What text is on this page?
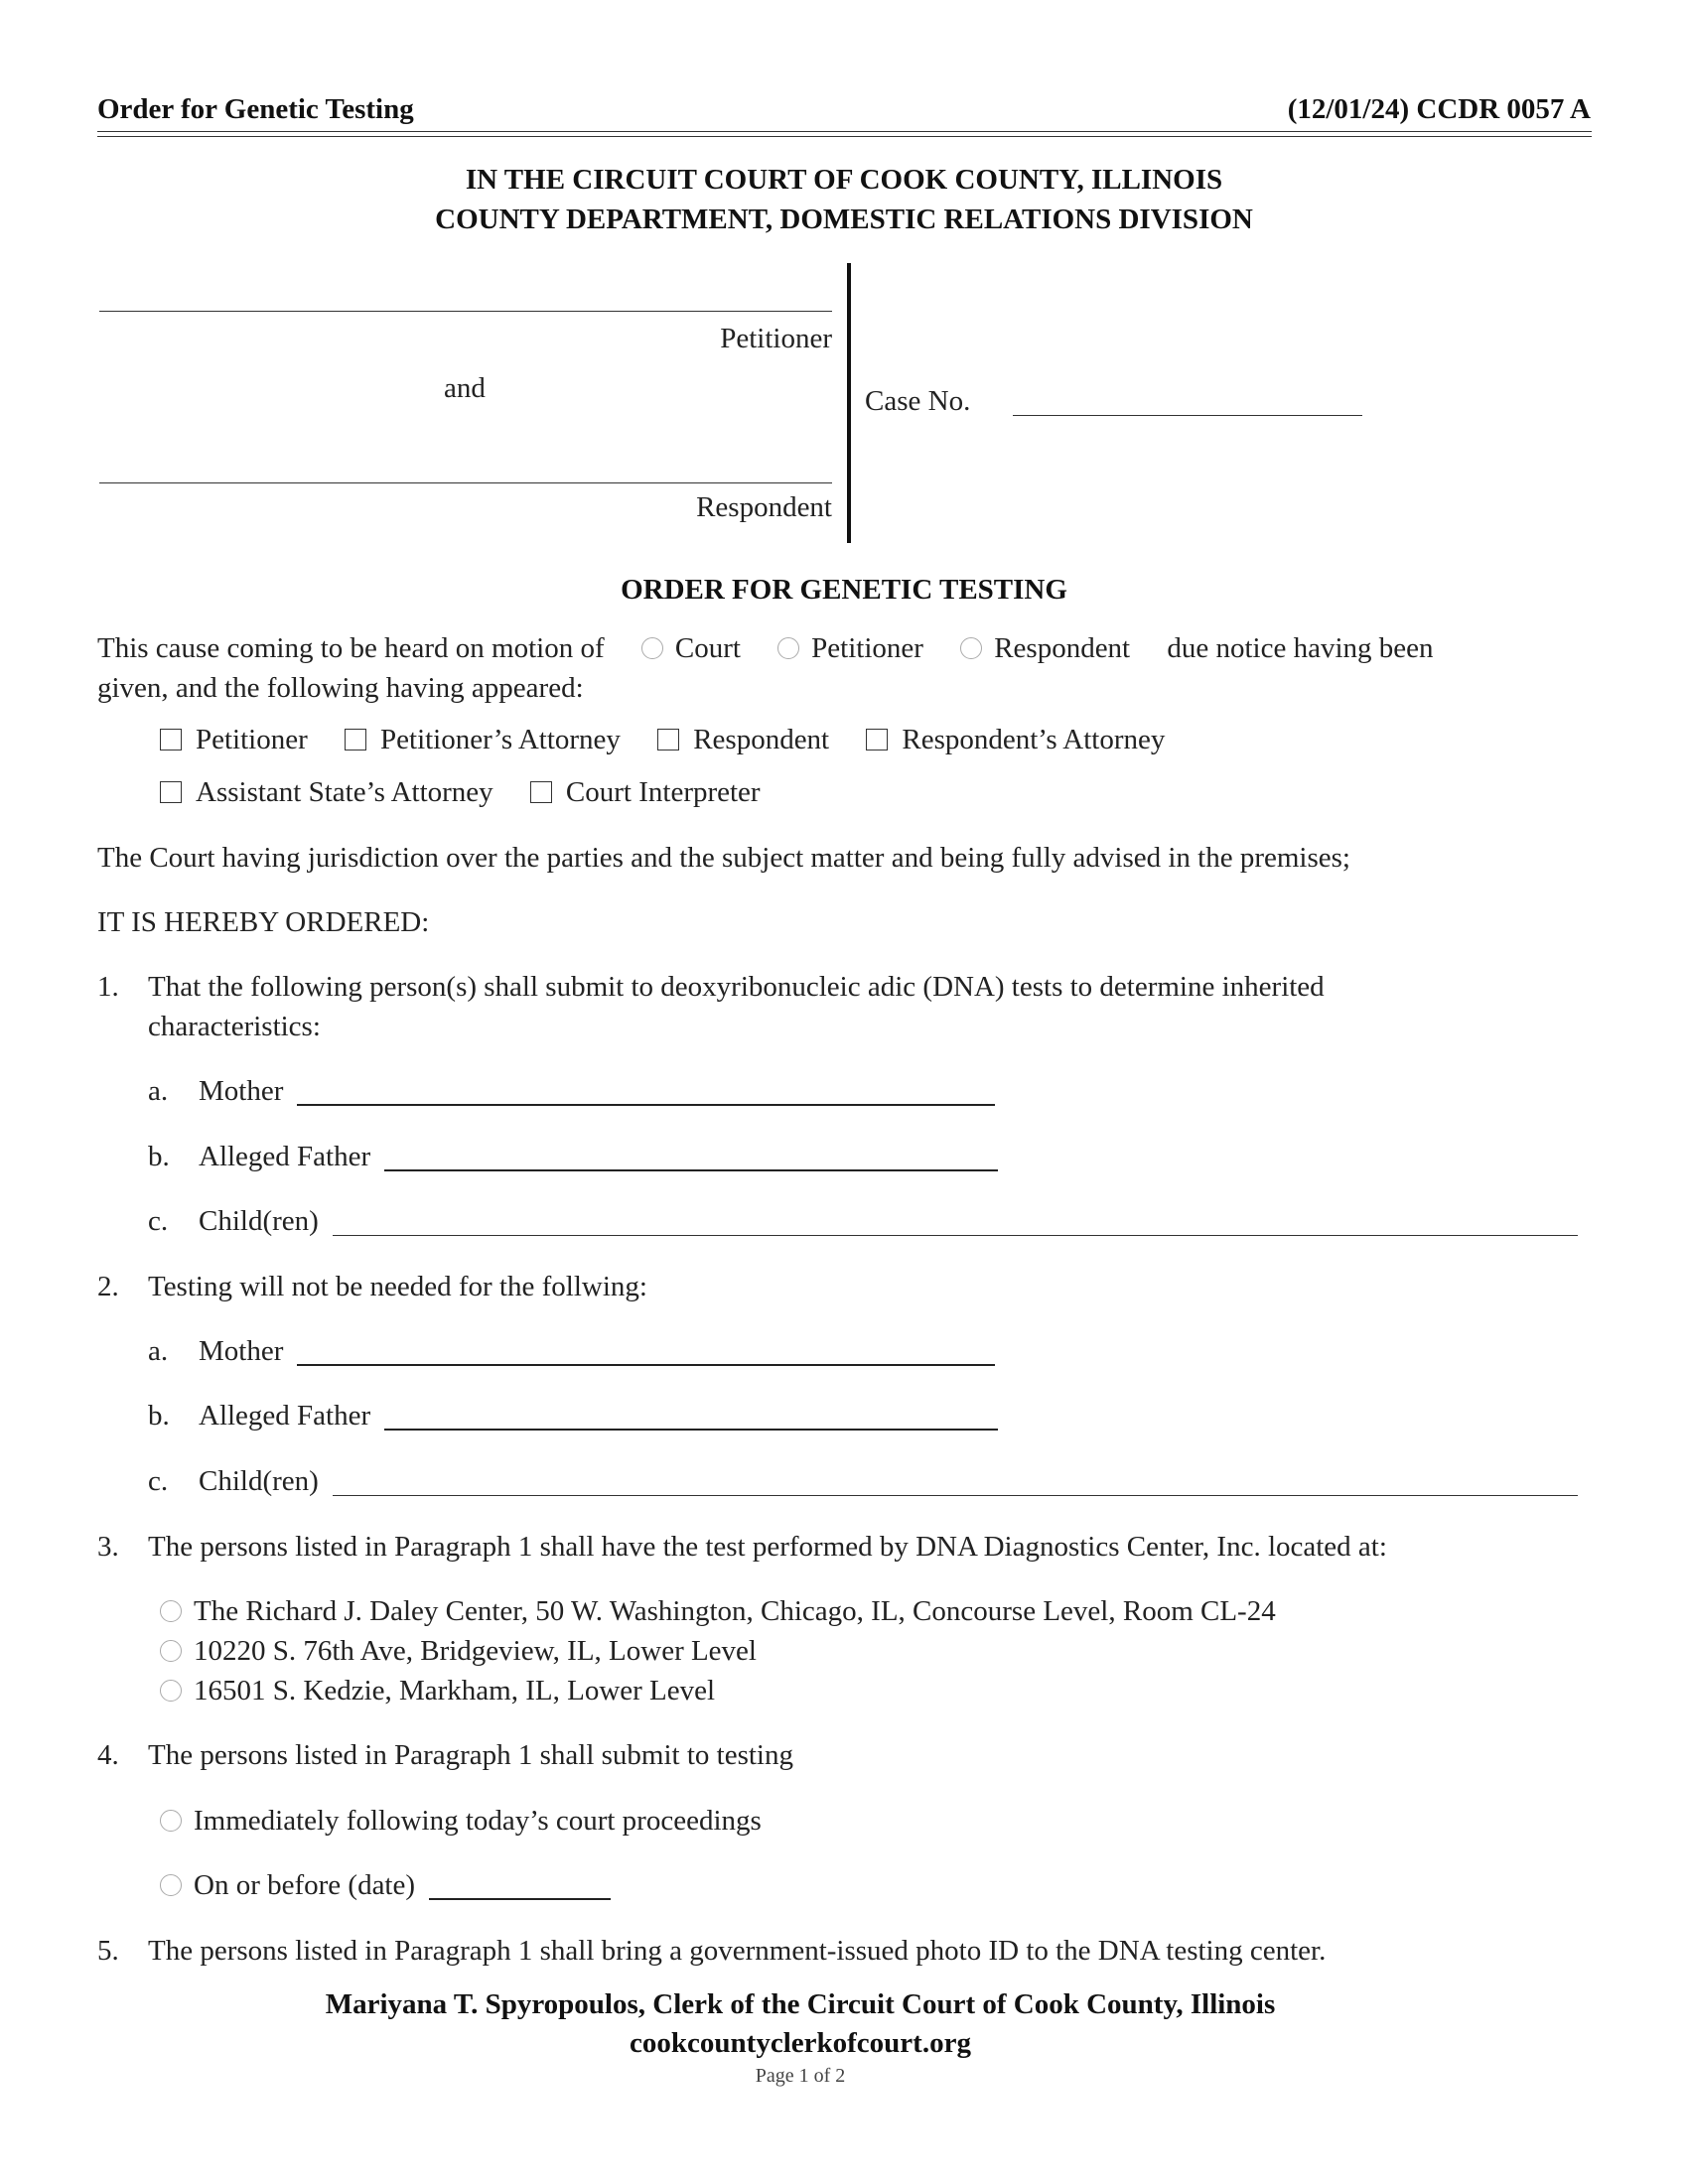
Order for Genetic Testing	(12/01/24) CCDR 0057 A
IN THE CIRCUIT COURT OF COOK COUNTY, ILLINOIS
COUNTY DEPARTMENT, DOMESTIC RELATIONS DIVISION
Petitioner
and
Respondent
Case No.
ORDER FOR GENETIC TESTING
This cause coming to be heard on motion of Court Petitioner Respondent due notice having been
given, and the following having appeared:
Petitioner	Petitioner’s Attorney	Respondent	Respondent’s Attorney
Assistant State’s Attorney	Court Interpreter
The Court having jurisdiction over the parties and the subject matter and being fully advised in the premises;
IT IS HEREBY ORDERED:
1. That the following person(s) shall submit to deoxyribonucleic adic (DNA) tests to determine inherited
characteristics:
a. Mother
b. Alleged Father
c. Child(ren)
2. Testing will not be needed for the follwing:
a. Mother
b. Alleged Father
c. Child(ren)
3. The persons listed in Paragraph 1 shall have the test performed by DNA Diagnostics Center, Inc. located at:
The Richard J. Daley Center, 50 W. Washington, Chicago, IL, Concourse Level, Room CL-24
10220 S. 76th Ave, Bridgeview, IL, Lower Level
16501 S. Kedzie, Markham, IL, Lower Level
4. The persons listed in Paragraph 1 shall submit to testing
Immediately following today’s court proceedings
On or before (date)
5. The persons listed in Paragraph 1 shall bring a government-issued photo ID to the DNA testing center.
Mariyana T. Spyropoulos, Clerk of the Circuit Court of Cook County, Illinois
cookcountyclerkofcourt.org
Page 1 of 2
